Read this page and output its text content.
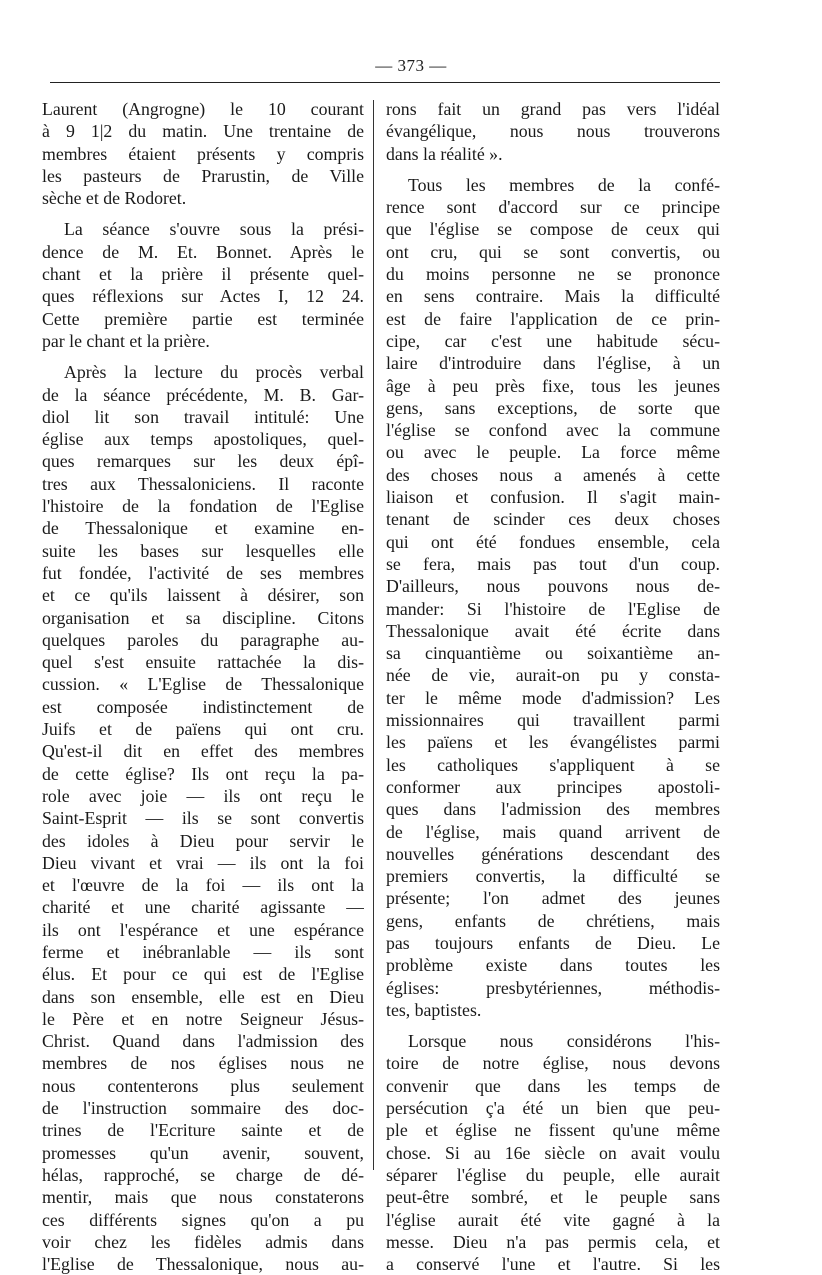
— 373 —
Laurent (Angrogne) le 10 courant
à 9 1|2 du matin. Une trentaine de
membres étaient présents y compris
les pasteurs de Prarustin, de Ville
sèche et de Rodoret.
La séance s'ouvre sous la prési-
dence de M. Et. Bonnet. Après le
chant et la prière il présente quel-
ques réflexions sur Actes I, 12 24.
Cette première partie est terminée
par le chant et la prière.
Après la lecture du procès verbal
de la séance précédente, M. B. Gar-
diol lit son travail intitulé: Une
église aux temps apostoliques, quel-
ques remarques sur les deux épî-
tres aux Thessaloniciens. Il raconte
l'histoire de la fondation de l'Eglise
de Thessalonique et examine en-
suite les bases sur lesquelles elle
fut fondée, l'activité de ses membres
et ce qu'ils laissent à désirer, son
organisation et sa discipline. Citons
quelques paroles du paragraphe au-
quel s'est ensuite rattachée la dis-
cussion. « L'Eglise de Thessalonique
est composée indistinctement de
Juifs et de païens qui ont cru.
Qu'est-il dit en effet des membres
de cette église? Ils ont reçu la pa-
role avec joie — ils ont reçu le
Saint-Esprit — ils se sont convertis
des idoles à Dieu pour servir le
Dieu vivant et vrai — ils ont la foi
et l'œuvre de la foi — ils ont la
charité et une charité agissante —
ils ont l'espérance et une espérance
ferme et inébranlable — ils sont
élus. Et pour ce qui est de l'Eglise
dans son ensemble, elle est en Dieu
le Père et en notre Seigneur Jésus-
Christ. Quand dans l'admission des
membres de nos églises nous ne
nous contenterons plus seulement
de l'instruction sommaire des doc-
trines de l'Ecriture sainte et de
promesses qu'un avenir, souvent,
hélas, rapproché, se charge de dé-
mentir, mais que nous constaterons
ces différents signes qu'on a pu
voir chez les fidèles admis dans
l'Eglise de Thessalonique, nous au-
rons fait un grand pas vers l'idéal
évangélique, nous nous trouverons
dans la réalité ».
Tous les membres de la confé-
rence sont d'accord sur ce principe
que l'église se compose de ceux qui
ont cru, qui se sont convertis, ou
du moins personne ne se prononce
en sens contraire. Mais la difficulté
est de faire l'application de ce prin-
cipe, car c'est une habitude sécu-
laire d'introduire dans l'église, à un
âge à peu près fixe, tous les jeunes
gens, sans exceptions, de sorte que
l'église se confond avec la commune
ou avec le peuple. La force même
des choses nous a amenés à cette
liaison et confusion. Il s'agit main-
tenant de scinder ces deux choses
qui ont été fondues ensemble, cela
se fera, mais pas tout d'un coup.
D'ailleurs, nous pouvons nous de-
mander: Si l'histoire de l'Eglise de
Thessalonique avait été écrite dans
sa cinquantième ou soixantième an-
née de vie, aurait-on pu y consta-
ter le même mode d'admission? Les
missionnaires qui travaillent parmi
les païens et les évangélistes parmi
les catholiques s'appliquent à se
conformer aux principes apostoli-
ques dans l'admission des membres
de l'église, mais quand arrivent de
nouvelles générations descendant des
premiers convertis, la difficulté se
présente; l'on admet des jeunes
gens, enfants de chrétiens, mais
pas toujours enfants de Dieu. Le
problème existe dans toutes les
églises: presbytériennes, méthodis-
tes, baptistes.
Lorsque nous considérons l'his-
toire de notre église, nous devons
convenir que dans les temps de
persécution ç'a été un bien que peu-
ple et église ne fissent qu'une même
chose. Si au 16e siècle on avait voulu
séparer l'église du peuple, elle aurait
peut-être sombré, et le peuple sans
l'église aurait été vite gagné à la
messe. Dieu n'a pas permis cela, et
a conservé l'une et l'autre. Si les
